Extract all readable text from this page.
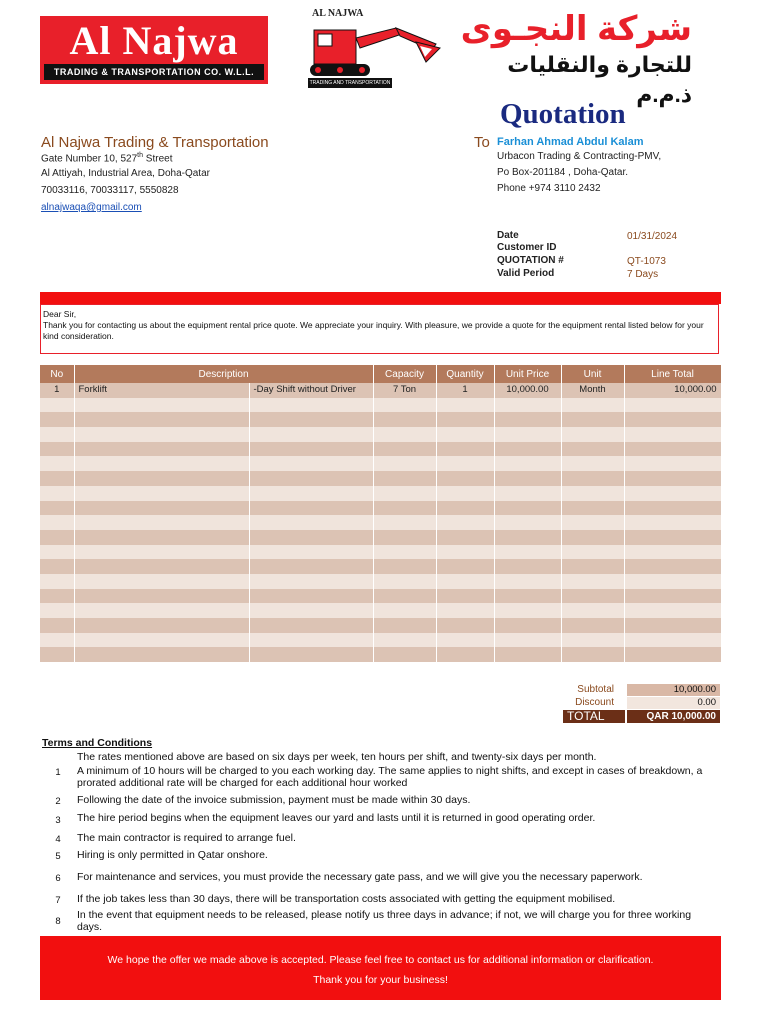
Al Najwa
TRADING & TRANSPORTATION CO. W.L.L.
AL NAJWA
TRADING AND TRANSPORTATION
شركة النجـوى
للتجارة والنقليات ذ.م.م
Quotation
Al Najwa Trading & Transportation
Gate Number 10, 527th Street
Al Attiyah, Industrial Area, Doha-Qatar
70033116, 70033117, 5550828
alnajwaqa@gmail.com
To Farhan Ahmad Abdul Kalam
Urbacon Trading & Contracting-PMV,
Po Box-201184 , Doha-Qatar.
Phone +974 3110 2432
Date	01/31/2024
Customer ID
QUOTATION #	QT-1073
Valid Period	7 Days
Dear Sir,
Thank you for contacting us about the equipment rental price quote. We appreciate your inquiry. With pleasure, we provide a quote for the equipment rental listed below for your kind consideration.
No	Description		Capacity	Quantity	Unit Price	Unit	Line Total
1	Forklift	-Day Shift without Driver	7 Ton	1	10,000.00	Month	10,000.00

Subtotal	10,000.00
Discount	0.00
TOTAL	QAR 10,000.00
Terms and Conditions
The rates mentioned above are based on six days per week, ten hours per shift, and twenty-six days per month.
1	A minimum of 10 hours will be charged to you each working day. The same applies to night shifts, and except in cases of breakdown, a prorated additional rate will be charged for each additional hour worked
2	Following the date of the invoice submission, payment must be made within 30 days.
3	The hire period begins when the equipment leaves our yard and lasts until it is returned in good operating order.
4	The main contractor is required to arrange fuel.
5	Hiring is only permitted in Qatar onshore.
6	For maintenance and services, you must provide the necessary gate pass, and we will give you the necessary paperwork.
7	If the job takes less than 30 days, there will be transportation costs associated with getting the equipment mobilised.
8
In the event that equipment needs to be released, please notify us three days in advance; if not, we will charge you for three working days.
We hope the offer we made above is accepted. Please feel free to contact us for additional information or clarification.
Thank you for your business!
